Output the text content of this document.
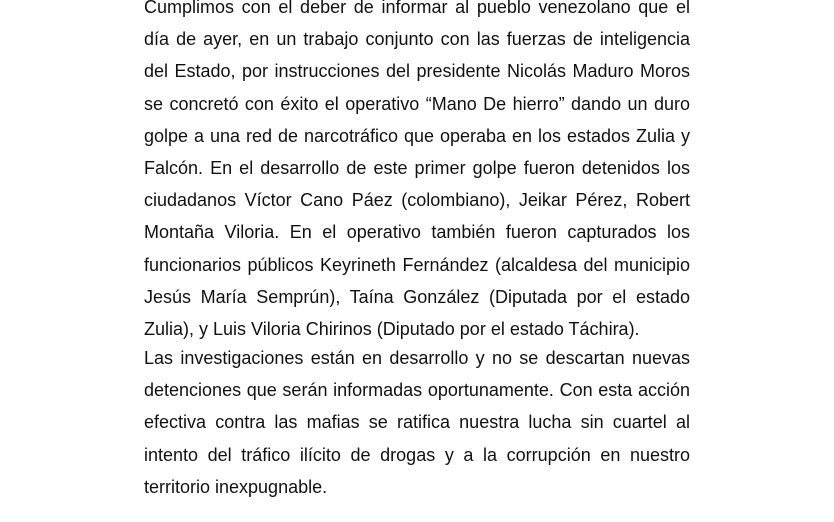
Cumplimos con el deber de informar al pueblo venezolano que el
día de ayer, en un trabajo conjunto con las fuerzas de inteligencia
del Estado, por instrucciones del presidente Nicolás Maduro Moros
se concretó con éxito el operativo “Mano De hierro” dando un duro
golpe a una red de narcotráfico que operaba en los estados Zulia y
Falcón. En el desarrollo de este primer golpe fueron detenidos los
ciudadanos Víctor Cano Páez (colombiano), Jeikar Pérez, Robert
Montaña Viloria. En el operativo también fueron capturados los
funcionarios públicos Keyrineth Fernández (alcaldesa del municipio
Jesús María Semprún), Taína González (Diputada por el estado
Zulia), y Luis Viloria Chirinos (Diputado por el estado Táchira).

Las investigaciones están en desarrollo y no se descartan nuevas
detenciones que serán informadas oportunamente. Con esta acción
efectiva contra las mafias se ratifica nuestra lucha sin cuartel al
intento del tráfico ilícito de drogas y a la corrupción en nuestro
territorio inexpugnable.
